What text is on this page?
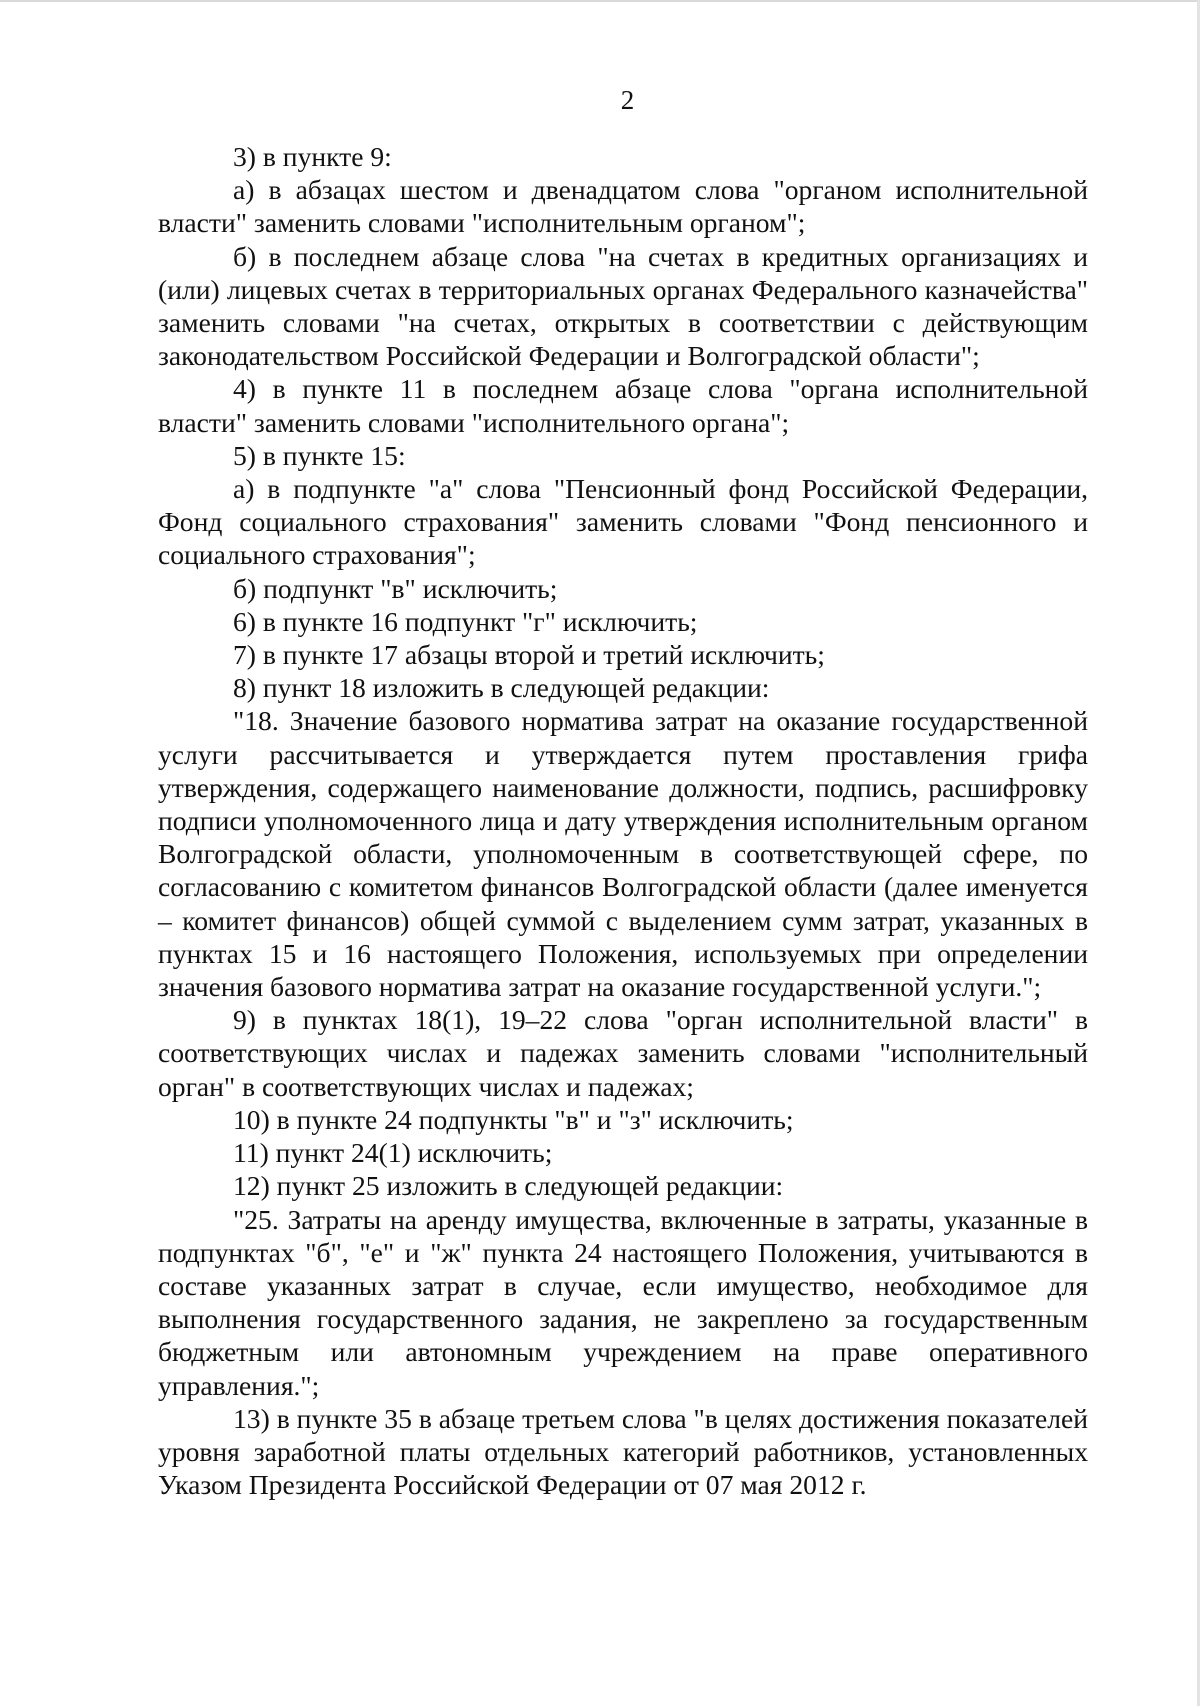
2

3) в пункте 9:

а) в абзацах шестом и двенадцатом слова "органом исполнительной власти" заменить словами "исполнительным органом";

б) в последнем абзаце слова "на счетах в кредитных организациях и (или) лицевых счетах в территориальных органах Федерального казначейства" заменить словами "на счетах, открытых в соответствии с действующим законодательством Российской Федерации и Волгоградской области";

4) в пункте 11 в последнем абзаце слова "органа исполнительной власти" заменить словами "исполнительного органа";

5) в пункте 15:

а) в подпункте "а" слова "Пенсионный фонд Российской Федерации, Фонд социального страхования" заменить словами "Фонд пенсионного и социального страхования";

б) подпункт "в" исключить;

6) в пункте 16 подпункт "г" исключить;

7) в пункте 17 абзацы второй и третий исключить;

8) пункт 18 изложить в следующей редакции:

"18. Значение базового норматива затрат на оказание государственной услуги рассчитывается и утверждается путем проставления грифа утверждения, содержащего наименование должности, подпись, расшифровку подписи уполномоченного лица и дату утверждения исполнительным органом Волгоградской области, уполномоченным в соответствующей сфере, по согласованию с комитетом финансов Волгоградской области (далее именуется – комитет финансов) общей суммой с выделением сумм затрат, указанных в пунктах 15 и 16 настоящего Положения, используемых при определении значения базового норматива затрат на оказание государственной услуги.";

9) в пунктах 18(1), 19–22 слова "орган исполнительной власти" в соответствующих числах и падежах заменить словами "исполнительный орган" в соответствующих числах и падежах;

10) в пункте 24 подпункты "в" и "з" исключить;

11) пункт 24(1) исключить;

12) пункт 25 изложить в следующей редакции:

"25. Затраты на аренду имущества, включенные в затраты, указанные в подпунктах "б", "е" и "ж" пункта 24 настоящего Положения, учитываются в составе указанных затрат в случае, если имущество, необходимое для выполнения государственного задания, не закреплено за государственным бюджетным или автономным учреждением на праве оперативного управления.";

13) в пункте 35 в абзаце третьем слова "в целях достижения показателей уровня заработной платы отдельных категорий работников, установленных Указом Президента Российской Федерации от 07 мая 2012 г.
